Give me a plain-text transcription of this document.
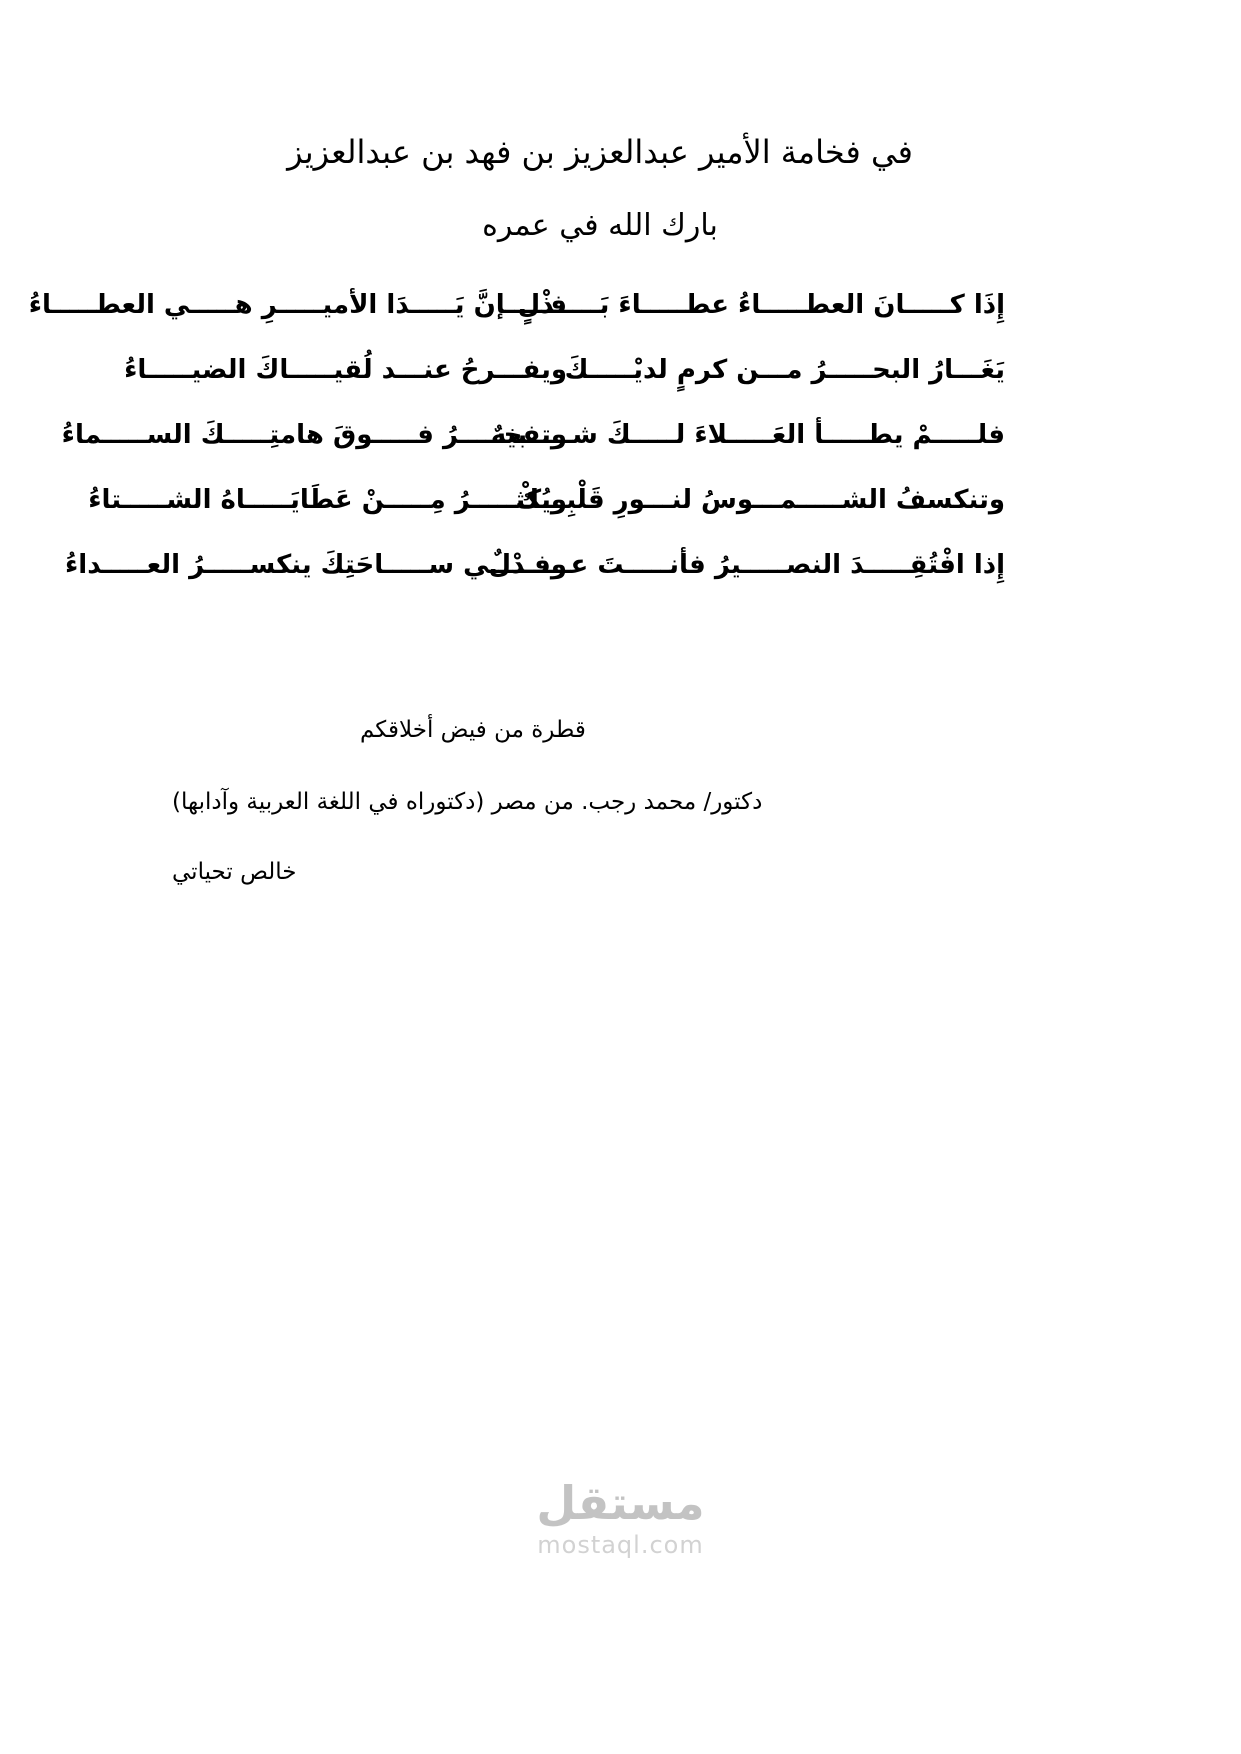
في فخامة الأمير عبدالعزيز بن فهد بن عبدالعزيز
بارك الله في عمره
إِذَا كـــــانَ العطـــــاءُ عطـــــاءَ بَـــــذْلٍ
فـــــإنَّ يَـــــدَا الأميـــــرِ هـــــي العطـــــاءُ
يَغَـــارُ البحـــــرُ مـــن كرمٍ لديْـــــكَ
ويفـــرحُ عنـــد لُقيـــــاكَ الضيـــــاءُ
فلـــــمْ يطـــــأ العَـــــلاءَ لـــــكَ شـــــبيهٌ
وتفخـــــرُ فـــــوقَ هامتِـــــكَ الســـــماءُ
وتنكسفُ الشـــــمـــوسُ لنـــورِ قَلْبِـــكْ
ويُكثـــــرُ مِـــــنْ عَطَايَـــــاهُ الشـــــتاءُ
إِذا افْتُقِـــــدَ النصـــــيرُ فأنـــــتَ عـــــدْلٌ
وفـــــي ســـــاحَتِكَ ينكســـــرُ العـــــداءُ
قطرة من فيض أخلاقكم
دكتور/ محمد رجب. من مصر (دكتوراه في اللغة العربية وآدابها)
خالص تحياتي
مستقل
mostaql.com
